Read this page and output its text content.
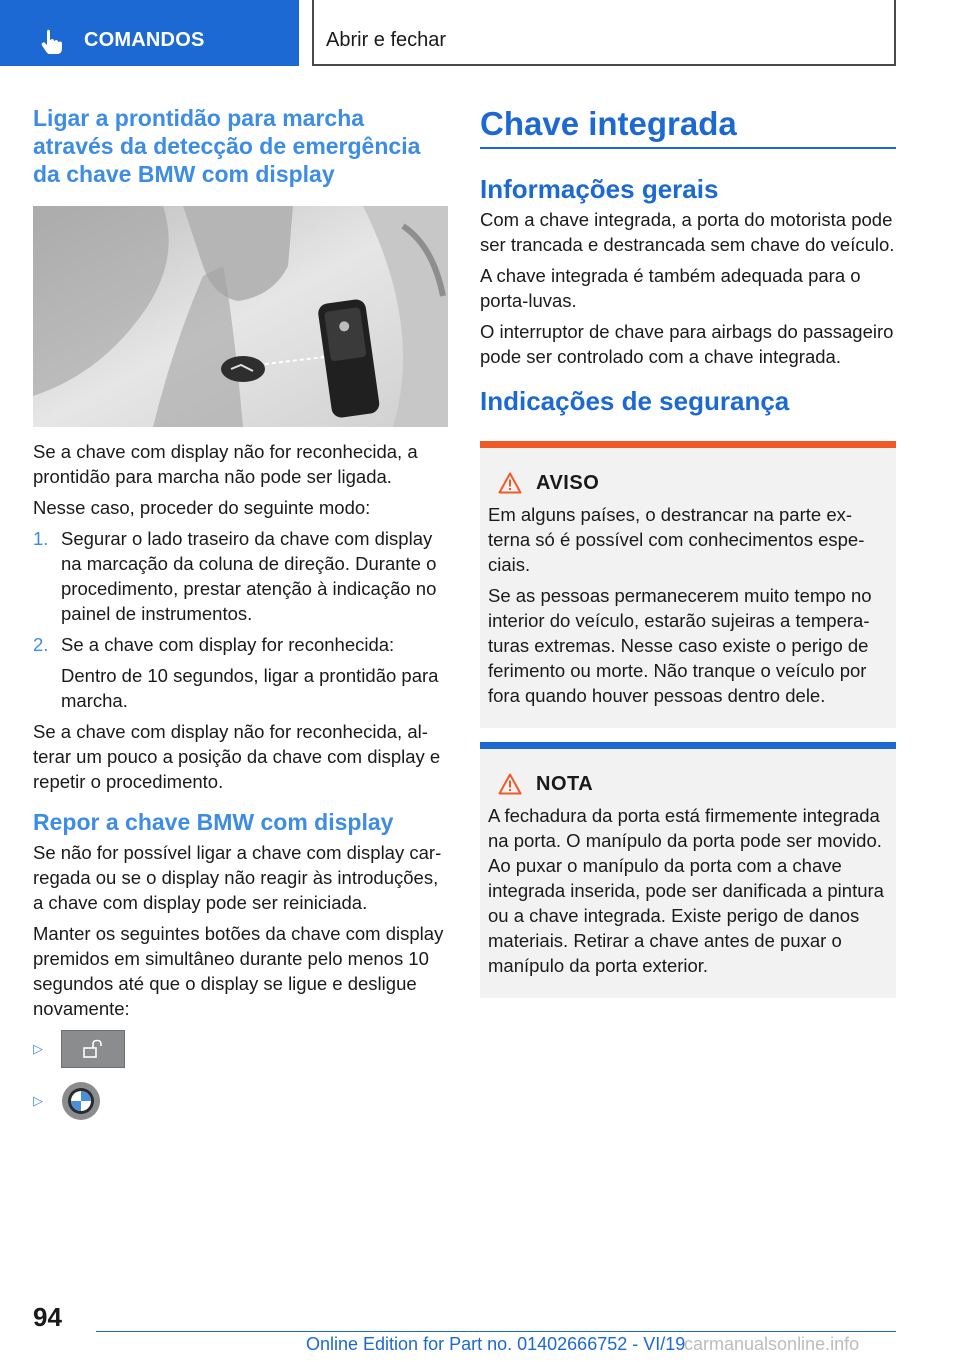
COMANDOS	Abrir e fechar
Ligar a prontidão para marcha através da detecção de emergência da chave BMW com display

Se a chave com display não for reconhecida, a prontidão para marcha não pode ser ligada.

Nesse caso, proceder do seguinte modo:

1. Segurar o lado traseiro da chave com display na marcação da coluna de direção. Durante o procedimento, prestar atenção à indicação no painel de instrumentos.
2. Se a chave com display for reconhecida:

Dentro de 10 segundos, ligar a prontidão para marcha.

Se a chave com display não for reconhecida, alterar um pouco a posição da chave com display e repetir o procedimento.

Repor a chave BMW com display

Se não for possível ligar a chave com display carregada ou se o display não reagir às introduções, a chave com display pode ser reiniciada.

Manter os seguintes botões da chave com display premidos em simultâneo durante pelo menos 10 segundos até que o display se ligue e desligue novamente:

▷
▷
Chave integrada
Informações gerais

Com a chave integrada, a porta do motorista pode ser trancada e destrancada sem chave do veículo.

A chave integrada é também adequada para o porta-luvas.

O interruptor de chave para airbags do passageiro pode ser controlado com a chave integrada.

Indicações de segurança
AVISO

Em alguns países, o destrancar na parte externa só é possível com conhecimentos especiais.

Se as pessoas permanecerem muito tempo no interior do veículo, estarão sujeiras a temperaturas extremas. Nesse caso existe o perigo de ferimento ou morte. Não tranque o veículo por fora quando houver pessoas dentro dele.

NOTA

A fechadura da porta está firmemente integrada na porta. O manípulo da porta pode ser movido. Ao puxar o manípulo da porta com a chave integrada inserida, pode ser danificada a pintura ou a chave integrada. Existe perigo de danos materiais. Retirar a chave antes de puxar o manípulo da porta exterior.

94
Online Edition for Part no. 01402666752 - VI/19
carmanualsonline.info
